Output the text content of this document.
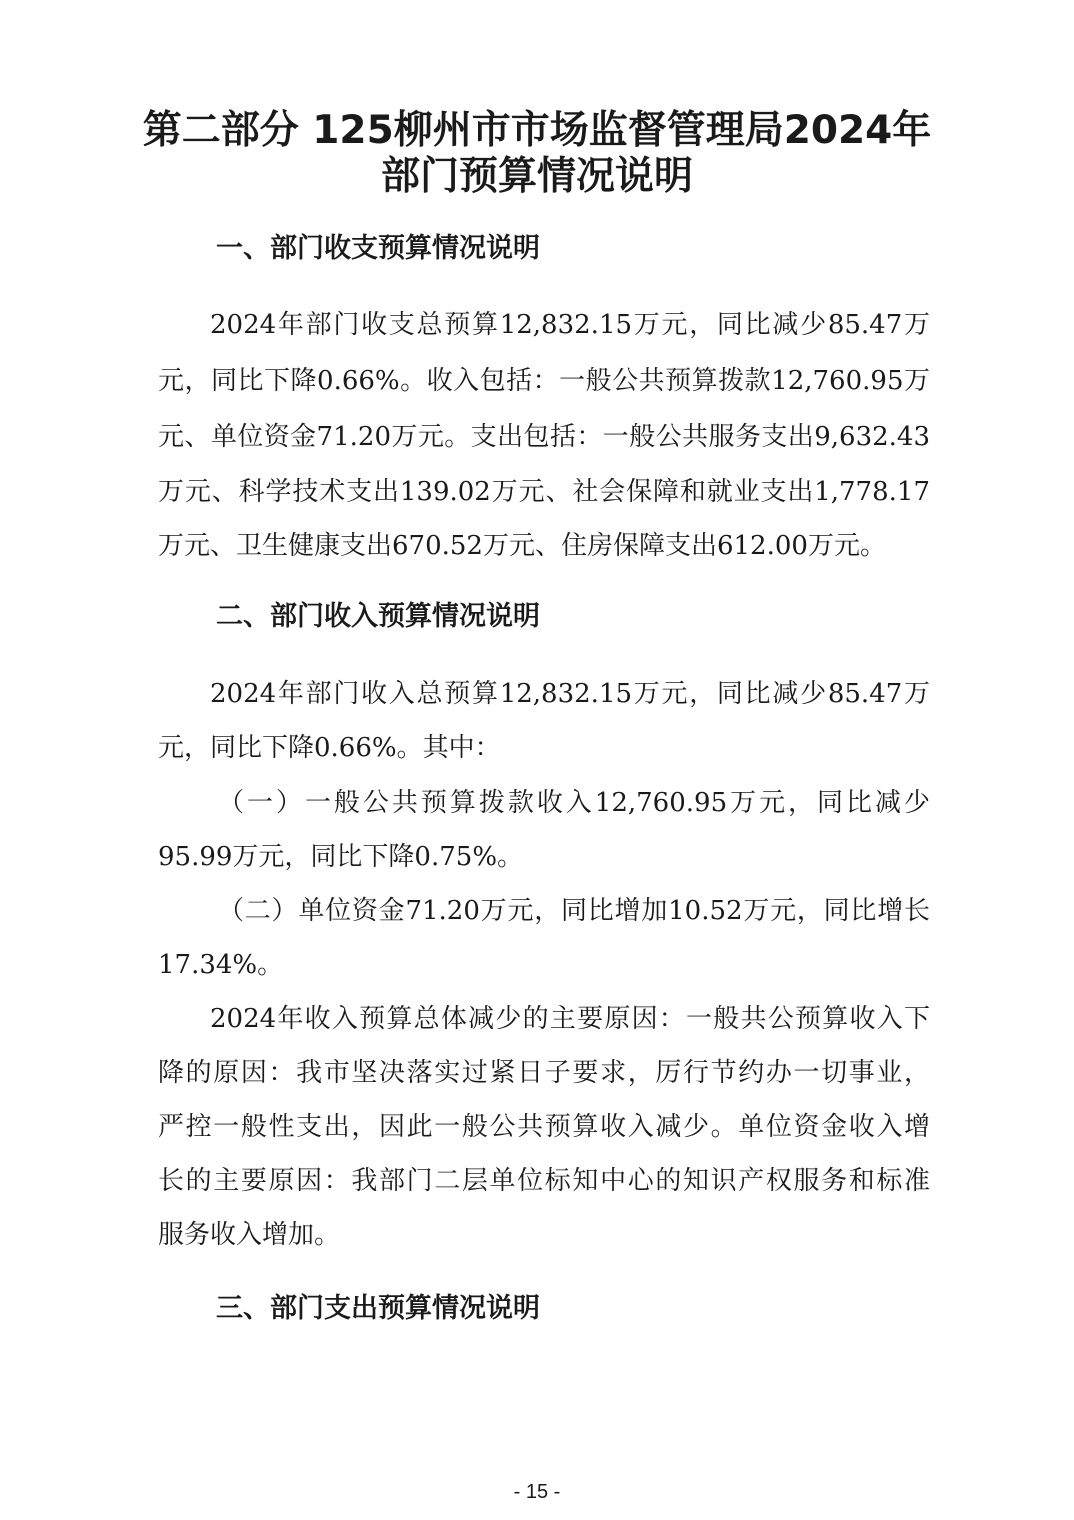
第二部分 125柳州市市场监督管理局2024年
部门预算情况说明
一、部门收支预算情况说明

2024年部门收支总预算12,832.15万元，同比减少85.47万

元，同比下降0.66%。收入包括：一般公共预算拨款12,760.95万

元、单位资金71.20万元。支出包括：一般公共服务支出9,632.43

万元、科学技术支出139.02万元、社会保障和就业支出1,778.17

万元、卫生健康支出670.52万元、住房保障支出612.00万元。

二、部门收入预算情况说明

2024年部门收入总预算12,832.15万元，同比减少85.47万

元，同比下降0.66%。其中：

（一）一般公共预算拨款收入12,760.95万元，同比减少

95.99万元，同比下降0.75%。

（二）单位资金71.20万元，同比增加10.52万元，同比增长

17.34%。

2024年收入预算总体减少的主要原因：一般共公预算收入下

降的原因：我市坚决落实过紧日子要求，厉行节约办一切事业，

严控一般性支出，因此一般公共预算收入减少。单位资金收入增

长的主要原因：我部门二层单位标知中心的知识产权服务和标准

服务收入增加。

三、部门支出预算情况说明
- 15 -
